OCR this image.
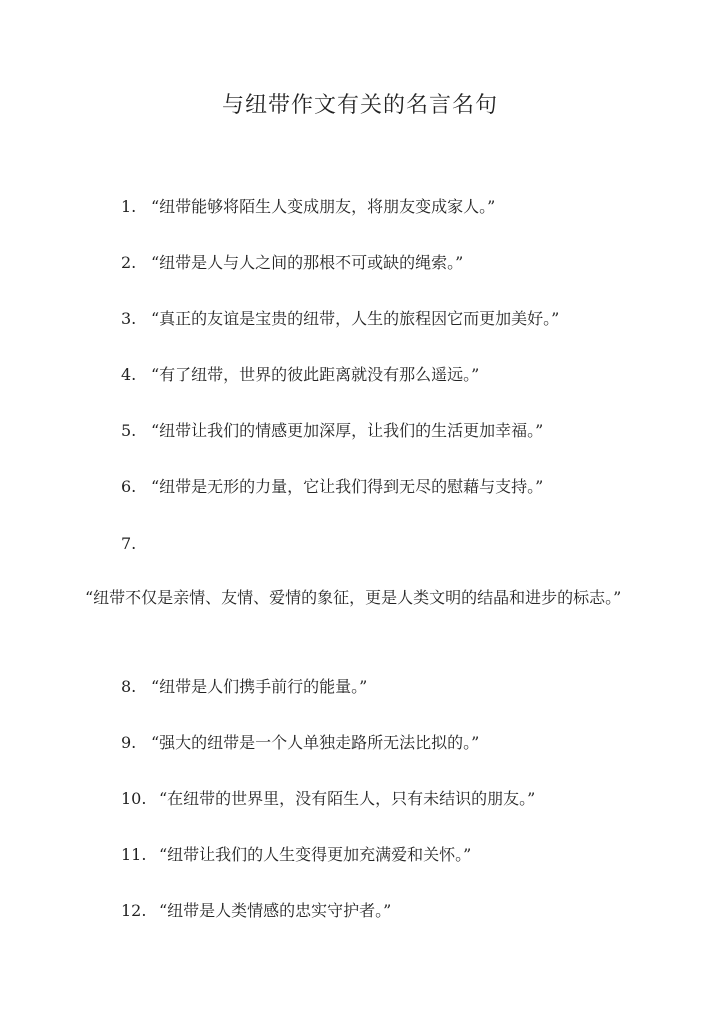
与纽带作文有关的名言名句
1. “纽带能够将陌生人变成朋友，将朋友变成家人。”
2. “纽带是人与人之间的那根不可或缺的绳索。”
3. “真正的友谊是宝贵的纽带，人生的旅程因它而更加美好。”
4. “有了纽带，世界的彼此距离就没有那么遥远。”
5. “纽带让我们的情感更加深厚，让我们的生活更加幸福。”
6. “纽带是无形的力量，它让我们得到无尽的慰藉与支持。”
7.
“纽带不仅是亲情、友情、爱情的象征，更是人类文明的结晶和进步的标志。”
8. “纽带是人们携手前行的能量。”
9. “强大的纽带是一个人单独走路所无法比拟的。”
10. “在纽带的世界里，没有陌生人，只有未结识的朋友。”
11. “纽带让我们的人生变得更加充满爱和关怀。”
12. “纽带是人类情感的忠实守护者。”
